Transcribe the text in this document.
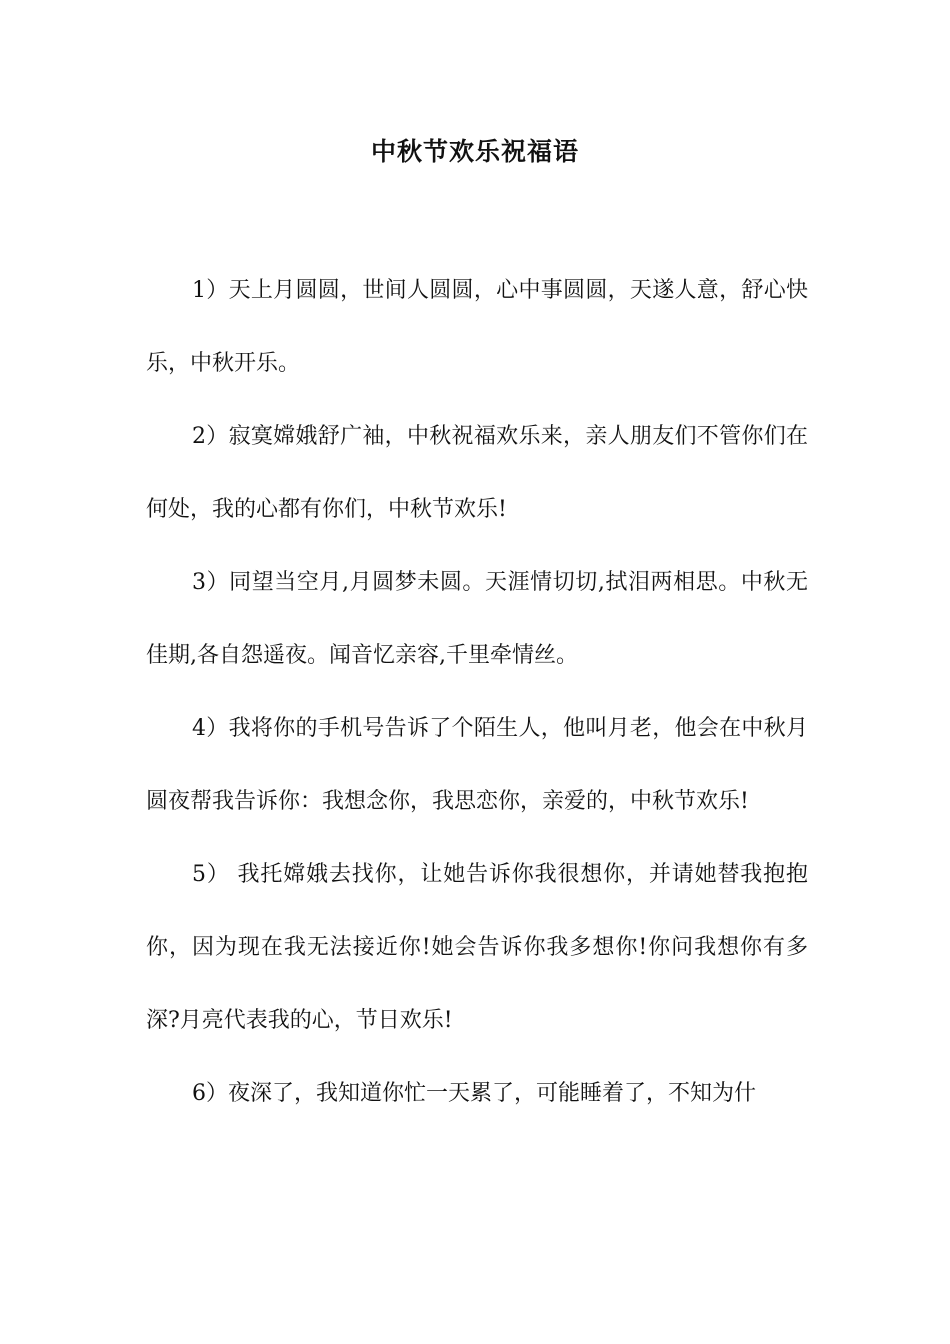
中秋节欢乐祝福语

1）天上月圆圆，世间人圆圆，心中事圆圆，天遂人意，舒心快乐，中秋开乐。

2）寂寞嫦娥舒广袖，中秋祝福欢乐来，亲人朋友们不管你们在何处，我的心都有你们，中秋节欢乐!

3）同望当空月,月圆梦未圆。天涯情切切,拭泪两相思。中秋无佳期,各自怨遥夜。闻音忆亲容,千里牵情丝。

4）我将你的手机号告诉了个陌生人，他叫月老，他会在中秋月圆夜帮我告诉你：我想念你，我思恋你，亲爱的，中秋节欢乐!

5） 我托嫦娥去找你，让她告诉你我很想你，并请她替我抱抱你，因为现在我无法接近你!她会告诉你我多想你!你问我想你有多深?月亮代表我的心，节日欢乐!

6）夜深了，我知道你忙一天累了，可能睡着了，不知为什
